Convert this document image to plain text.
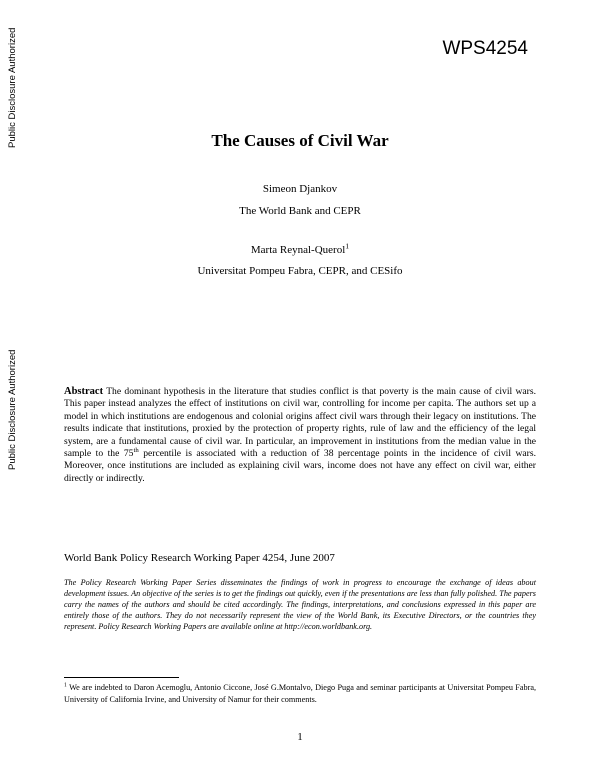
Public Disclosure Authorized
Public Disclosure Authorized
WPS4254
The Causes of Civil War
Simeon Djankov
The World Bank and CEPR
Marta Reynal-Querol$^1$
Universitat Pompeu Fabra, CEPR, and CESifo
Abstract The dominant hypothesis in the literature that studies conflict is that poverty is the main cause of civil wars. This paper instead analyzes the effect of institutions on civil war, controlling for income per capita. The authors set up a model in which institutions are endogenous and colonial origins affect civil wars through their legacy on institutions. The results indicate that institutions, proxied by the protection of property rights, rule of law and the efficiency of the legal system, are a fundamental cause of civil war. In particular, an improvement in institutions from the median value in the sample to the 75th percentile is associated with a reduction of 38 percentage points in the incidence of civil wars. Moreover, once institutions are included as explaining civil wars, income does not have any effect on civil war, either directly or indirectly.
World Bank Policy Research Working Paper 4254, June 2007
The Policy Research Working Paper Series disseminates the findings of work in progress to encourage the exchange of ideas about development issues. An objective of the series is to get the findings out quickly, even if the presentations are less than fully polished. The papers carry the names of the authors and should be cited accordingly. The findings, interpretations, and conclusions expressed in this paper are entirely those of the authors. They do not necessarily represent the view of the World Bank, its Executive Directors, or the countries they represent. Policy Research Working Papers are available online at http://econ.worldbank.org.
$^1$ We are indebted to Daron Acemoglu, Antonio Ciccone, José G.Montalvo, Diego Puga and seminar participants at Universitat Pompeu Fabra, University of California Irvine, and University of Namur for their comments.
1
